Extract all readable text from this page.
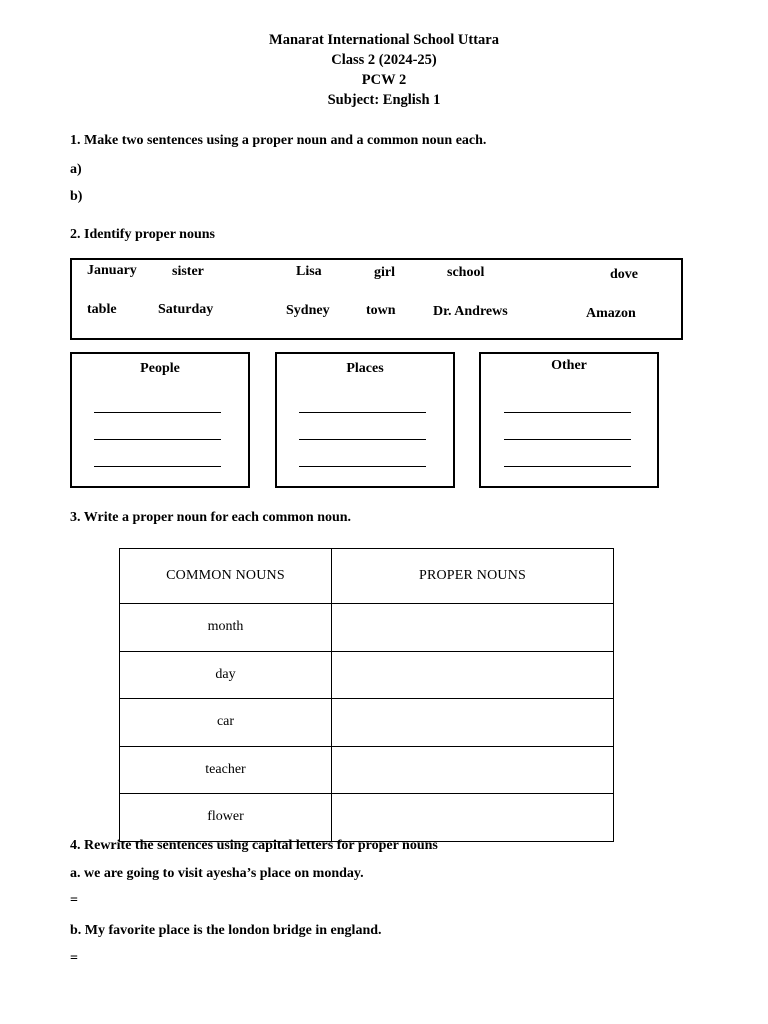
Manarat International School Uttara
Class 2 (2024-25)
PCW 2
Subject: English 1
1. Make two sentences using a proper noun and a common noun each.
a)
b)
2. Identify proper nouns
January	sister	Lisa	girl	school	dove
table	Saturday	Sydney	town	Dr. Andrews	Amazon
People	Places	Other
3. Write a proper noun for each common noun.
COMMON NOUNS	PROPER NOUNS
month	
day	
car	
teacher	
flower	
4. Rewrite the sentences using capital letters for proper nouns
a. we are going to visit ayesha’s place on monday.
=
b. My favorite place is the london bridge in england.
=
